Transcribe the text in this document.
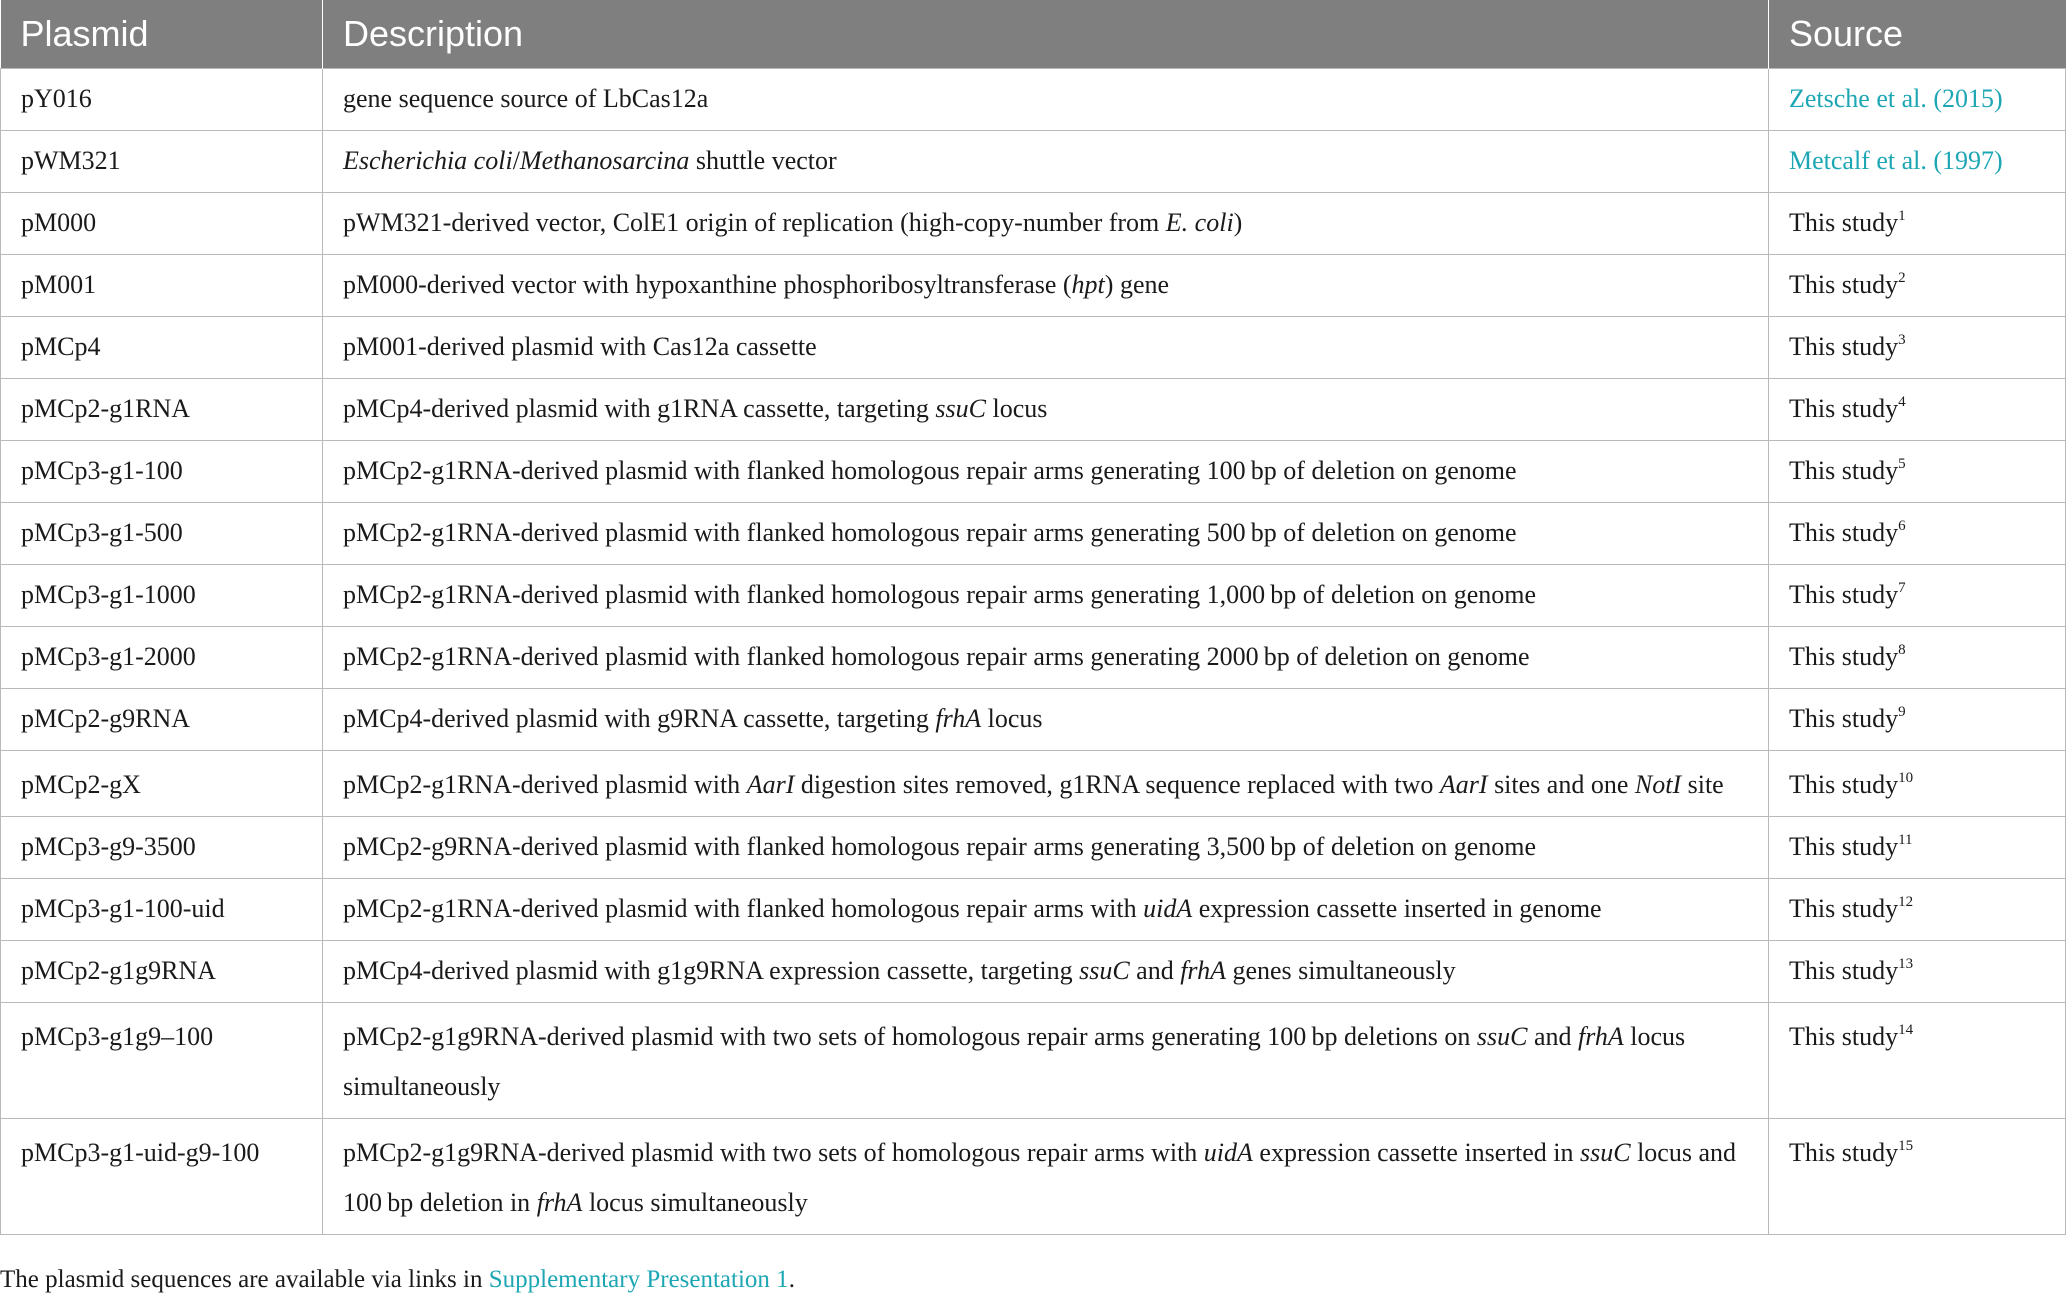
Plasmid	Description	Source
pY016	gene sequence source of LbCas12a	Zetsche et al. (2015)
pWM321	Escherichia coli/Methanosarcina shuttle vector	Metcalf et al. (1997)
pM000	pWM321-derived vector, ColE1 origin of replication (high-copy-number from E. coli)	This study$^1$
pM001	pM000-derived vector with hypoxanthine phosphoribosyltransferase (hpt) gene	This study$^2$
pMCp4	pM001-derived plasmid with Cas12a cassette	This study$^3$
pMCp2-g1RNA	pMCp4-derived plasmid with g1RNA cassette, targeting ssuC locus	This study$^4$
pMCp3-g1-100	pMCp2-g1RNA-derived plasmid with flanked homologous repair arms generating 100 bp of deletion on genome	This study$^5$
pMCp3-g1-500	pMCp2-g1RNA-derived plasmid with flanked homologous repair arms generating 500 bp of deletion on genome	This study$^6$
pMCp3-g1-1000	pMCp2-g1RNA-derived plasmid with flanked homologous repair arms generating 1,000 bp of deletion on genome	This study$^7$
pMCp3-g1-2000	pMCp2-g1RNA-derived plasmid with flanked homologous repair arms generating 2000 bp of deletion on genome	This study$^8$
pMCp2-g9RNA	pMCp4-derived plasmid with g9RNA cassette, targeting frhA locus	This study$^9$
pMCp2-gX	pMCp2-g1RNA-derived plasmid with AarI digestion sites removed, g1RNA sequence replaced with two AarI sites and one NotI site	This study$^{10}$
pMCp3-g9-3500	pMCp2-g9RNA-derived plasmid with flanked homologous repair arms generating 3,500 bp of deletion on genome	This study$^{11}$
pMCp3-g1-100-uid	pMCp2-g1RNA-derived plasmid with flanked homologous repair arms with uidA expression cassette inserted in genome	This study$^{12}$
pMCp2-g1g9RNA	pMCp4-derived plasmid with g1g9RNA expression cassette, targeting ssuC and frhA genes simultaneously	This study$^{13}$
pMCp3-g1g9–100	pMCp2-g1g9RNA-derived plasmid with two sets of homologous repair arms generating 100 bp deletions on ssuC and frhA locus simultaneously	This study$^{14}$
pMCp3-g1-uid-g9-100	pMCp2-g1g9RNA-derived plasmid with two sets of homologous repair arms with uidA expression cassette inserted in ssuC locus and 100 bp deletion in frhA locus simultaneously	This study$^{15}$
The plasmid sequences are available via links in Supplementary Presentation 1.
